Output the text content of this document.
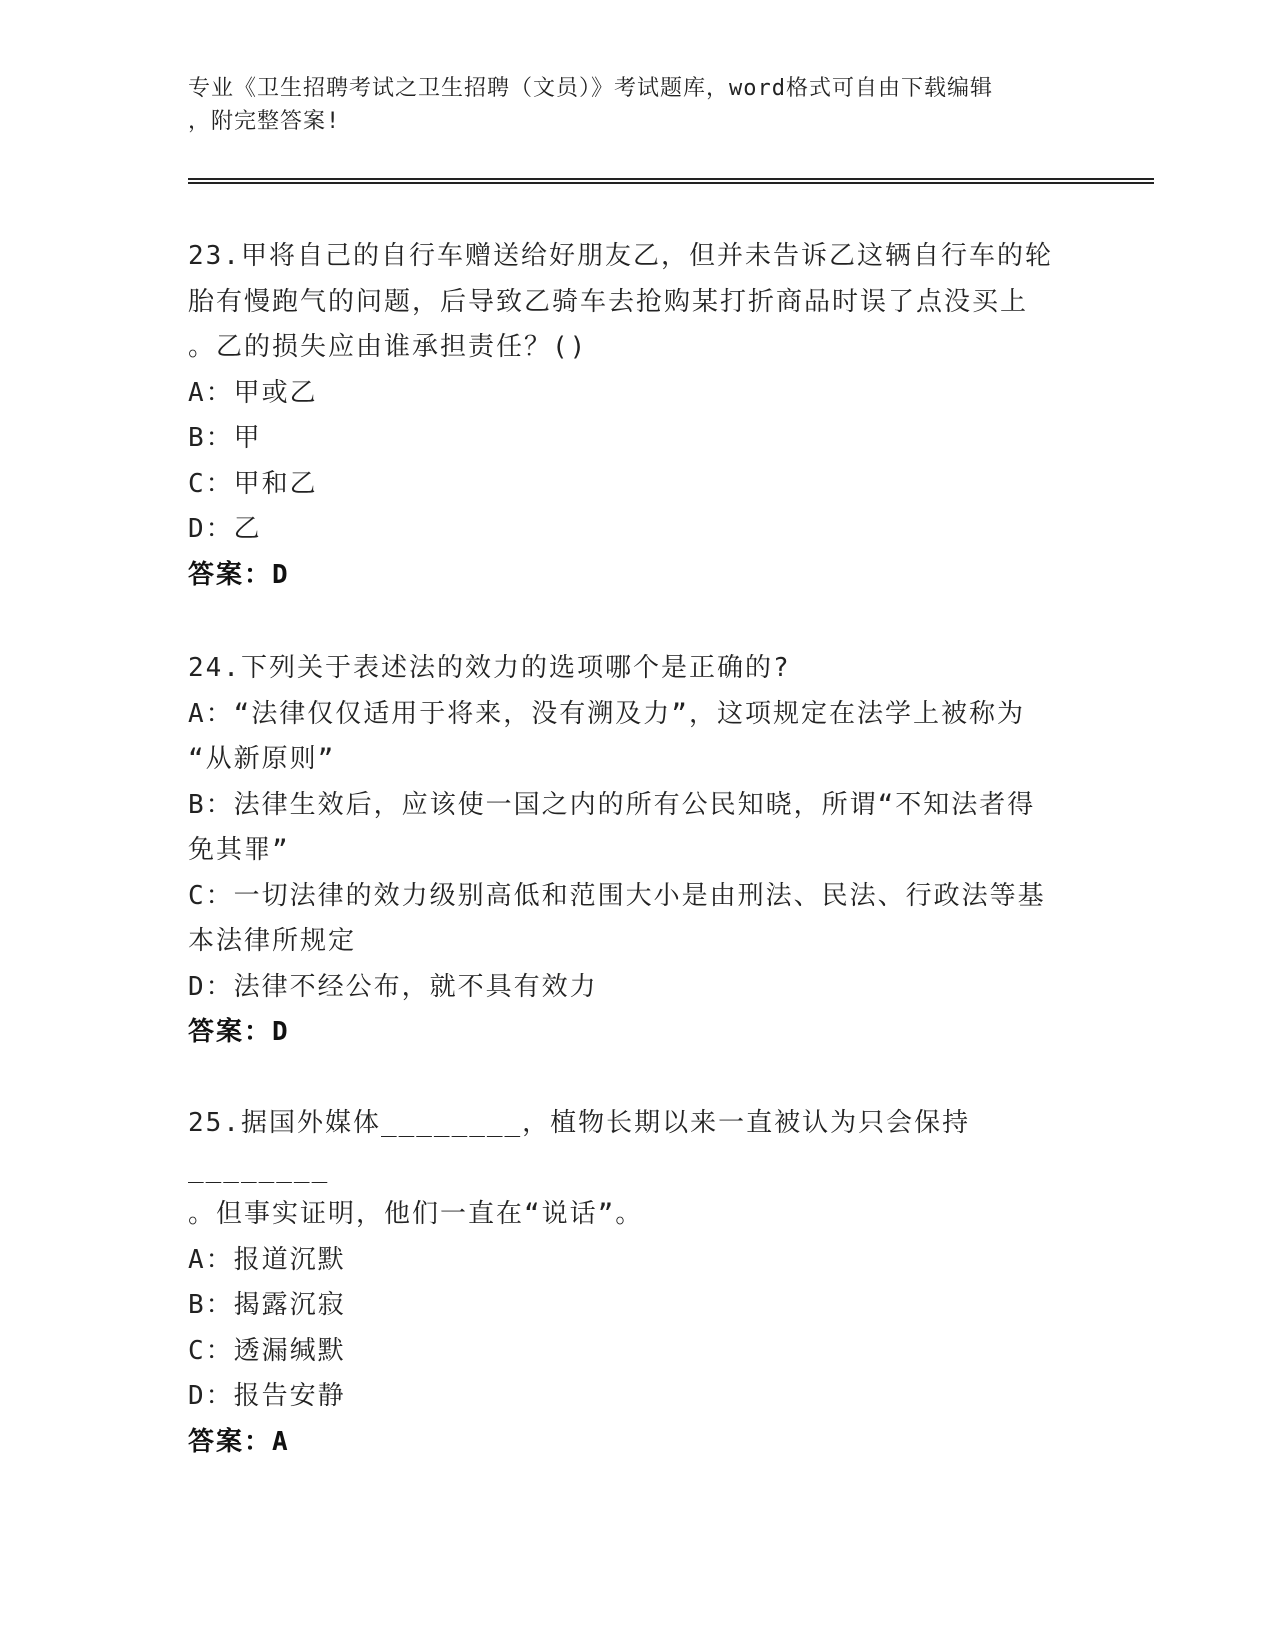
专业《卫生招聘考试之卫生招聘（文员）》考试题库，word格式可自由下载编辑
，附完整答案!
23.甲将自己的自行车赠送给好朋友乙，但并未告诉乙这辆自行车的轮
胎有慢跑气的问题，后导致乙骑车去抢购某打折商品时误了点没买上
。乙的损失应由谁承担责任？()
A：甲或乙
B：甲
C：甲和乙
D：乙
答案：D
24.下列关于表述法的效力的选项哪个是正确的?
A：“法律仅仅适用于将来，没有溯及力”，这项规定在法学上被称为
“从新原则”
B：法律生效后，应该使一国之内的所有公民知晓，所谓“不知法者得
免其罪”
C：一切法律的效力级别高低和范围大小是由刑法、民法、行政法等基
本法律所规定
D：法律不经公布，就不具有效力
答案：D
25.据国外媒体________，植物长期以来一直被认为只会保持________
。但事实证明，他们一直在“说话”。
A：报道沉默
B：揭露沉寂
C：透漏缄默
D：报告安静
答案：A
